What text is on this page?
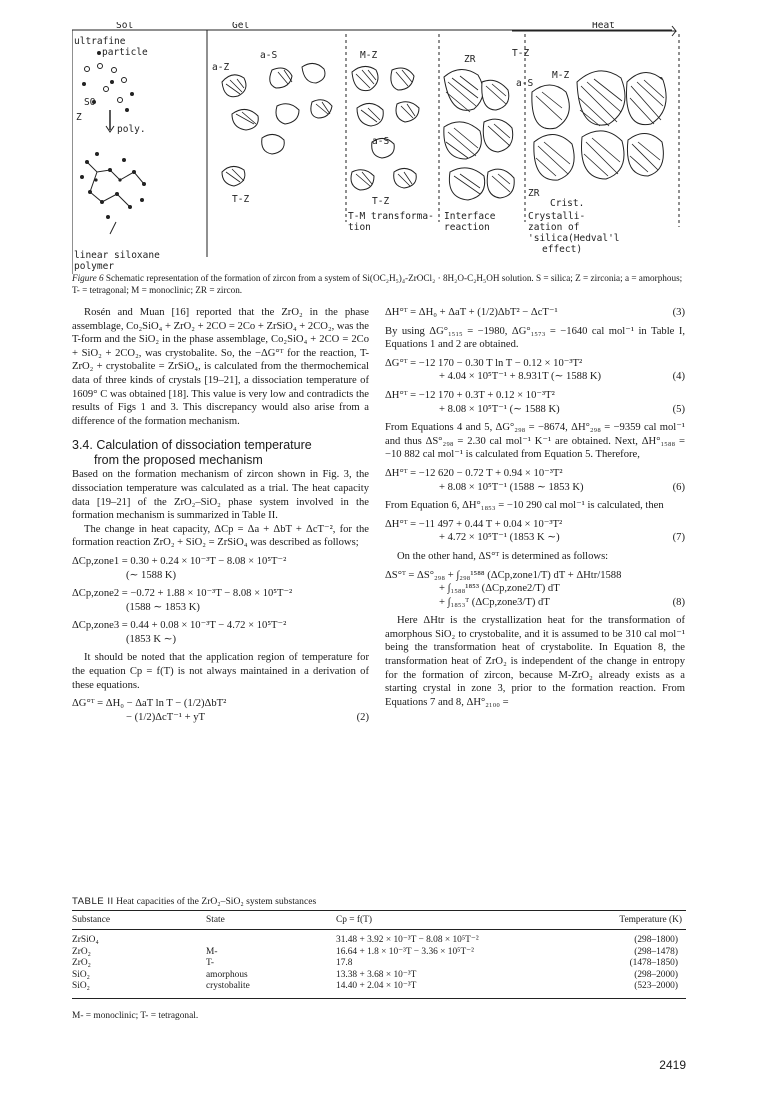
Sol	Gel	Heat
ultrafine
particle
SO
Z
poly.
linear siloxane
polymer
a-S
a-Z
T-Z
M-Z
a-S
T-Z
T-M transforma-
tion
Interface
reaction
ZR
T-Z
M-Z
a-S
ZR
Crist.
Crystalli-
zation of
'silica(Hedval'l
effect)
Figure 6 Schematic representation of the formation of zircon from a system of Si(OC₂H₅)₄-ZrOCl₂ · 8H₂O-C₂H₅OH solution. S = silica; Z = zirconia; a = amorphous; T- = tetragonal; M = monoclinic; ZR = zircon.

Rosén and Muan [16] reported that the ZrO₂ in the phase assemblage, Co₂SiO₄ + ZrO₂ + 2CO = 2Co + ZrSiO₄ + 2CO₂, was the T-form and the SiO₂ in the phase assemblage, Co₂SiO₄ + 2CO = 2Co + SiO₂ + 2CO₂, was crystobalite. So, the −ΔG°ᵀ for the reaction, T-ZrO₂ + crystobalite = ZrSiO₄, is calculated from the thermochemical data of three kinds of crystals [19–21], a dissociation temperature of 1609° C was obtained [18]. This value is very low and contradicts the results of Figs 1 and 3. This discrepancy would also arise from a difference of the formation mechanism.

3.4. Calculation of dissociation temperature
from the proposed mechanism

Based on the formation mechanism of zircon shown in Fig. 3, the dissociation temperature was calculated as a trial. The heat capacity data [19–21] of the ZrO₂–SiO₂ phase system involved in the formation mechanism is summarized in Table II.

The change in heat capacity, ΔCp = Δa + ΔbT + ΔcT⁻², for the formation reaction ZrO₂ + SiO₂ = ZrSiO₄ was described as follows;

ΔCp,zone1 = 0.30 + 0.24 × 10⁻³T − 8.08 × 10⁵T⁻²
(∼ 1588 K)
ΔCp,zone2 = −0.72 + 1.88 × 10⁻³T − 8.08 × 10⁵T⁻²
(1588 ∼ 1853 K)
ΔCp,zone3 = 0.44 + 0.08 × 10⁻³T − 4.72 × 10⁵T⁻²
(1853 K ∼)

It should be noted that the application region of temperature for the equation Cp = f(T) is not always maintained in a derivation of these equations.

ΔG°ᵀ = ΔH₀ − ΔaT ln T − (1/2)ΔbT²
− (1/2)ΔcT⁻¹ + yT	(2)
ΔH°ᵀ = ΔH₀ + ΔaT + (1/2)ΔbT² − ΔcT⁻¹	(3)

By using ΔG°₁₅₁₅ = −1980, ΔG°₁₅₇₃ = −1640 cal mol⁻¹ in Table I, Equations 1 and 2 are obtained.

ΔG°ᵀ = −12 170 − 0.30 T ln T − 0.12 × 10⁻³T²
+ 4.04 × 10⁵T⁻¹ + 8.931T (∼ 1588 K)	(4)
ΔH°ᵀ = −12 170 + 0.3T + 0.12 × 10⁻³T²
+ 8.08 × 10⁵T⁻¹ (∼ 1588 K)	(5)

From Equations 4 and 5, ΔG°₂₉₈ = −8674, ΔH°₂₉₈ = −9359 cal mol⁻¹ and thus ΔS°₂₉₈ = 2.30 cal mol⁻¹ K⁻¹ are obtained. Next, ΔH°₁₅₈₈ = −10 882 cal mol⁻¹ is calculated from Equation 5. Therefore,

ΔH°ᵀ = −12 620 − 0.72 T + 0.94 × 10⁻³T²
+ 8.08 × 10⁵T⁻¹ (1588 ∼ 1853 K)	(6)

From Equation 6, ΔH°₁₈₅₃ = −10 290 cal mol⁻¹ is calculated, then

ΔH°ᵀ = −11 497 + 0.44 T + 0.04 × 10⁻³T²
+ 4.72 × 10⁵T⁻¹ (1853 K ∼)	(7)

On the other hand, ΔS°ᵀ is determined as follows:

ΔS°ᵀ = ΔS°₂₉₈ + ∫₂₉₈¹⁵⁸⁸ (ΔCp,zone1/T) dT + ΔHtr/1588
+ ∫₁₅₈₈¹⁸⁵³ (ΔCp,zone2/T) dT
+ ∫₁₈₅₃ᵀ (ΔCp,zone3/T) dT	(8)

Here ΔHtr is the crystallization heat for the transformation of amorphous SiO₂ to crystobalite, and it is assumed to be 310 cal mol⁻¹ being the transformation heat of crystabolite. In Equation 8, the transformation heat of ZrO₂ is independent of the change in entropy for the formation of zircon, because M-ZrO₂ already exists as a starting crystal in zone 3, prior to the formation reaction. From Equations 7 and 8, ΔH°₂₁₀₀ =

TABLE II Heat capacities of the ZrO₂–SiO₂ system substances
Substance	State	Cp = f(T)	Temperature (K)
ZrSiO₄		31.48 + 3.92 × 10⁻³T − 8.08 × 10⁵T⁻²	(298–1800)
ZrO₂	M-	16.64 + 1.8 × 10⁻³T − 3.36 × 10⁵T⁻²	(298–1478)
ZrO₂	T-	17.8	(1478–1850)
SiO₂	amorphous	13.38 + 3.68 × 10⁻³T	(298–2000)
SiO₂	crystobalite	14.40 + 2.04 × 10⁻³T	(523–2000)
M- = monoclinic; T- = tetragonal.
2419
